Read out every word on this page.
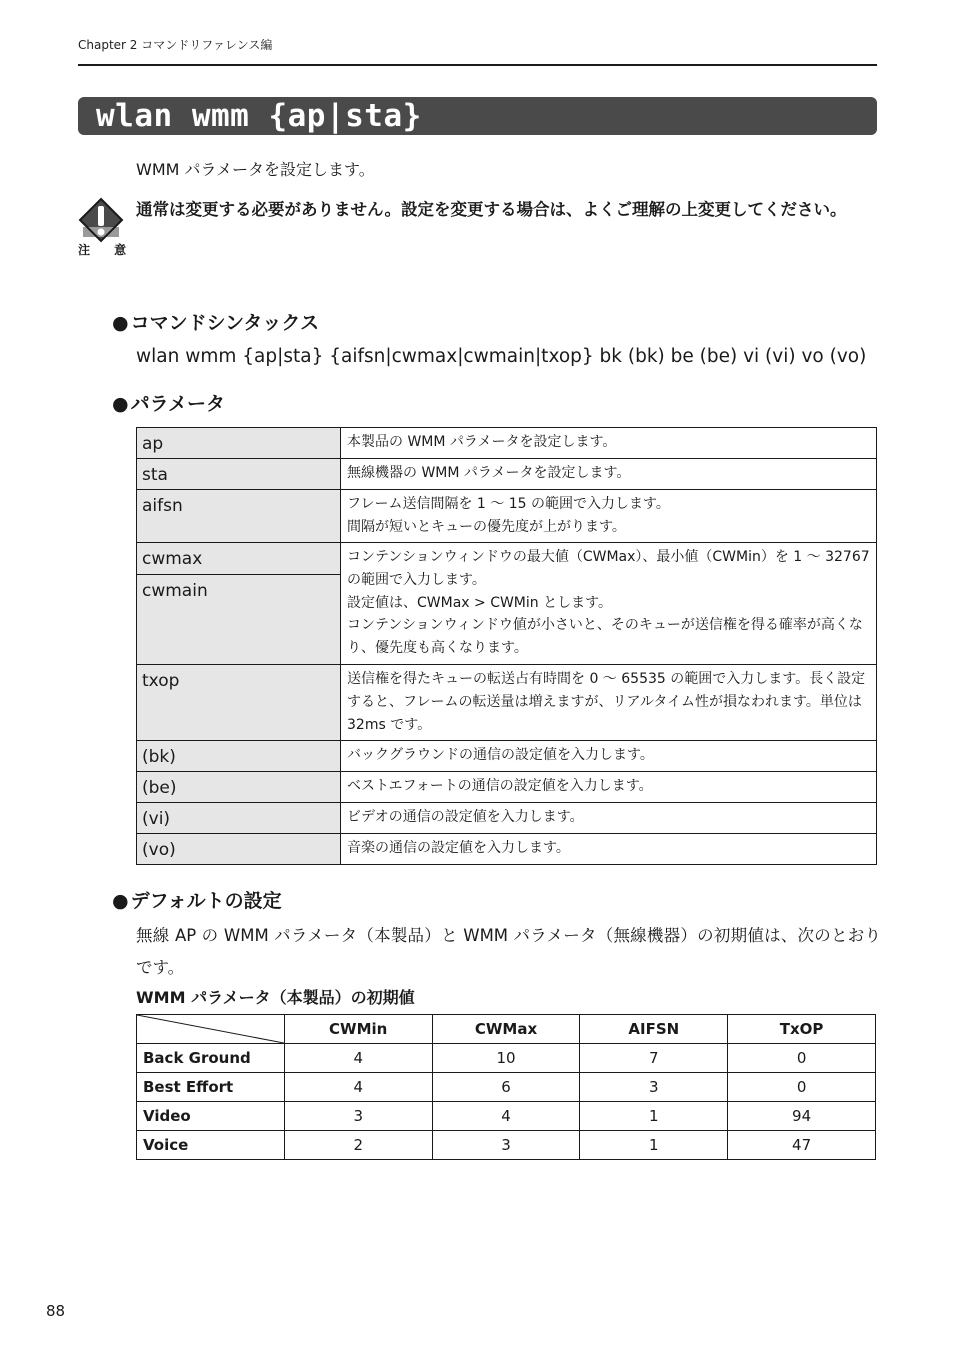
Chapter 2 コマンドリファレンス編
wlan wmm {ap|sta}
WMM パラメータを設定します。
注 意
通常は変更する必要がありません。設定を変更する場合は、よくご理解の上変更してください。
● コマンドシンタックス
wlan wmm {ap|sta} {aifsn|cwmax|cwmain|txop} bk (bk) be (be) vi (vi) vo (vo)
● パラメータ
ap	本製品の WMM パラメータを設定します。
sta	無線機器の WMM パラメータを設定します。
aifsn	フレーム送信間隔を 1 〜 15 の範囲で入力します。
間隔が短いとキューの優先度が上がります。
cwmax	コンテンションウィンドウの最大値（CWMax）、最小値（CWMin）を 1 〜 32767 の範囲で入力します。
設定値は、CWMax > CWMin とします。
コンテンションウィンドウ値が小さいと、そのキューが送信権を得る確率が高くなり、優先度も高くなります。
cwmain	
txop	送信権を得たキューの転送占有時間を 0 〜 65535 の範囲で入力します。長く設定すると、フレームの転送量は増えますが、リアルタイム性が損なわれます。単位は 32ms です。
(bk)	バックグラウンドの通信の設定値を入力します。
(be)	ベストエフォートの通信の設定値を入力します。
(vi)	ビデオの通信の設定値を入力します。
(vo)	音楽の通信の設定値を入力します。
● デフォルトの設定
無線 AP の WMM パラメータ（本製品）と WMM パラメータ（無線機器）の初期値は、次のとおりです。
WMM パラメータ（本製品）の初期値
	CWMin	CWMax	AIFSN	TxOP
Back Ground	4	10	7	0
Best Effort	4	6	3	0
Video	3	4	1	94
Voice	2	3	1	47
88
